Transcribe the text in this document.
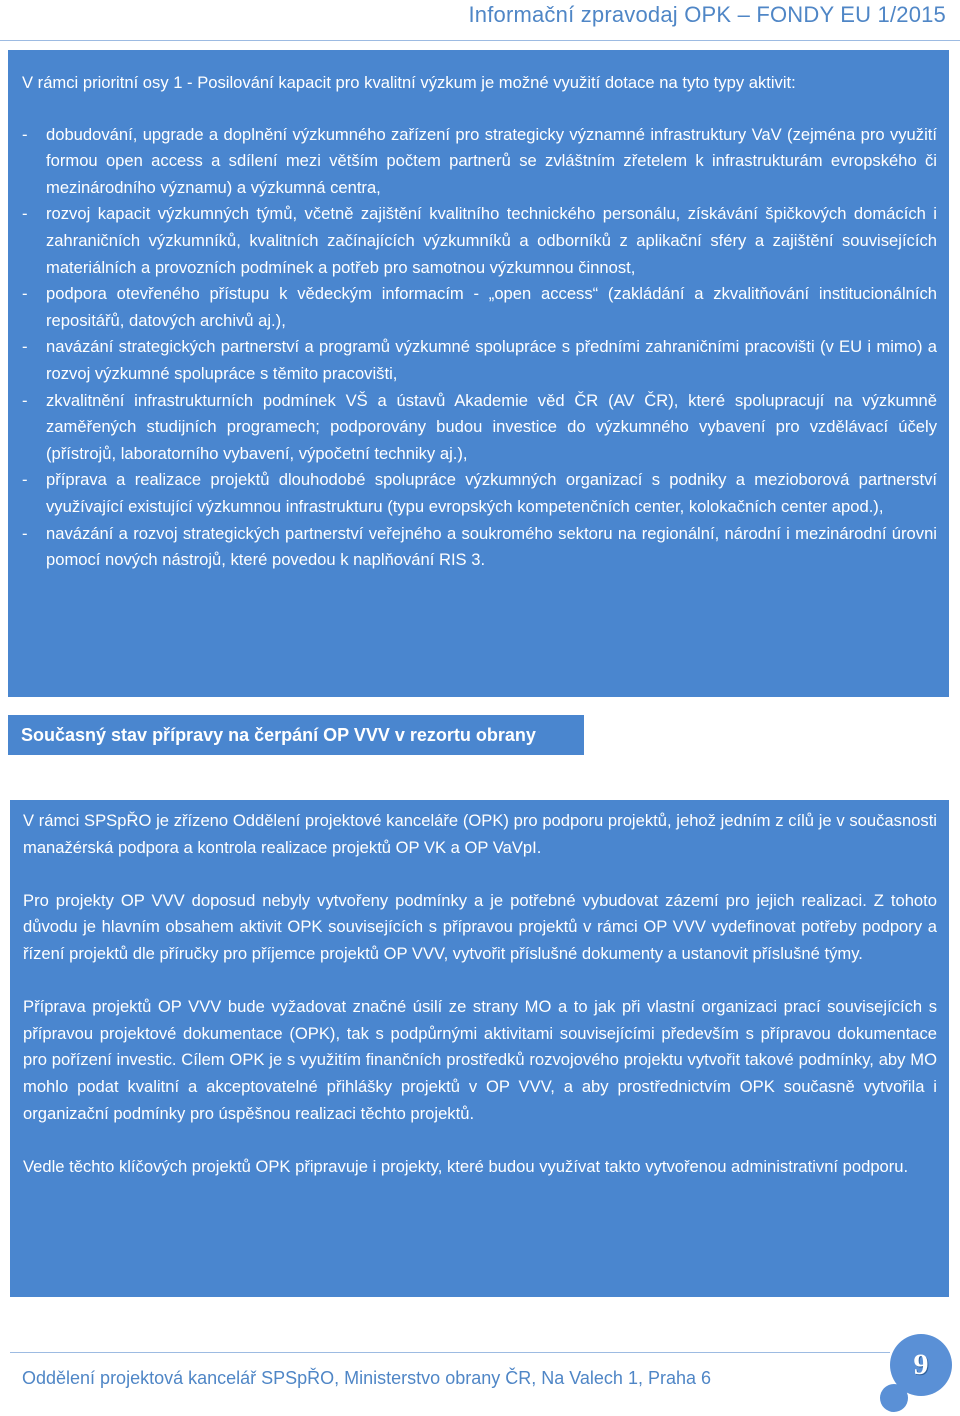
Informační zpravodaj OPK – FONDY EU 1/2015

V rámci prioritní osy 1 - Posilování kapacit pro kvalitní výzkum je možné využití dotace na tyto typy aktivit:

- dobudování, upgrade a doplnění výzkumného zařízení pro strategicky významné infrastruktury VaV (zejména pro využití formou open access a sdílení mezi větším počtem partnerů se zvláštním zřetelem k infrastrukturám evropského či mezinárodního významu) a výzkumná centra,
- rozvoj kapacit výzkumných týmů, včetně zajištění kvalitního technického personálu, získávání špičkových domácích i zahraničních výzkumníků, kvalitních začínajících výzkumníků a odborníků z aplikační sféry a zajištění souvisejících materiálních a provozních podmínek a potřeb pro samotnou výzkumnou činnost,
- podpora otevřeného přístupu k vědeckým informacím - „open access“ (zakládání a zkvalitňování institucionálních repositářů, datových archivů aj.),
- navázání strategických partnerství a programů výzkumné spolupráce s předními zahraničními pracovišti (v EU i mimo) a rozvoj výzkumné spolupráce s těmito pracovišti,
- zkvalitnění infrastrukturních podmínek VŠ a ústavů Akademie věd ČR (AV ČR), které spolupracují na výzkumně zaměřených studijních programech; podporovány budou investice do výzkumného vybavení pro vzdělávací účely (přístrojů, laboratorního vybavení, výpočetní techniky aj.),
- příprava a realizace projektů dlouhodobé spolupráce výzkumných organizací s podniky a mezioborová partnerství využívající existující výzkumnou infrastrukturu (typu evropských kompetenčních center, kolokačních center apod.),
- navázání a rozvoj strategických partnerství veřejného a soukromého sektoru na regionální, národní i mezinárodní úrovni pomocí nových nástrojů, které povedou k naplňování RIS 3.
Současný stav přípravy na čerpání OP VVV v rezortu obrany

V rámci SPSpŘO je zřízeno Oddělení projektové kanceláře (OPK) pro podporu projektů, jehož jedním z cílů je v současnosti manažérská podpora a kontrola realizace projektů OP VK a OP VaVpI.

Pro projekty OP VVV doposud nebyly vytvořeny podmínky a je potřebné vybudovat zázemí pro jejich realizaci. Z tohoto důvodu je hlavním obsahem aktivit OPK souvisejících s přípravou projektů v rámci OP VVV vydefinovat potřeby podpory a řízení projektů dle příručky pro příjemce projektů OP VVV, vytvořit příslušné dokumenty a ustanovit příslušné týmy.

Příprava projektů OP VVV bude vyžadovat značné úsilí ze strany MO a to jak při vlastní organizaci prací souvisejících s přípravou projektové dokumentace (OPK), tak s podpůrnými aktivitami souvisejícími především s přípravou dokumentace pro pořízení investic. Cílem OPK je s využitím finančních prostředků rozvojového projektu vytvořit takové podmínky, aby MO mohlo podat kvalitní a akceptovatelné přihlášky projektů v OP VVV, a aby prostřednictvím OPK současně vytvořila i organizační podmínky pro úspěšnou realizaci těchto projektů.

Vedle těchto klíčových projektů OPK připravuje i projekty, které budou využívat takto vytvořenou administrativní podporu.

Oddělení projektová kancelář SPSpŘO, Ministerstvo obrany ČR, Na Valech 1, Praha 6	9
